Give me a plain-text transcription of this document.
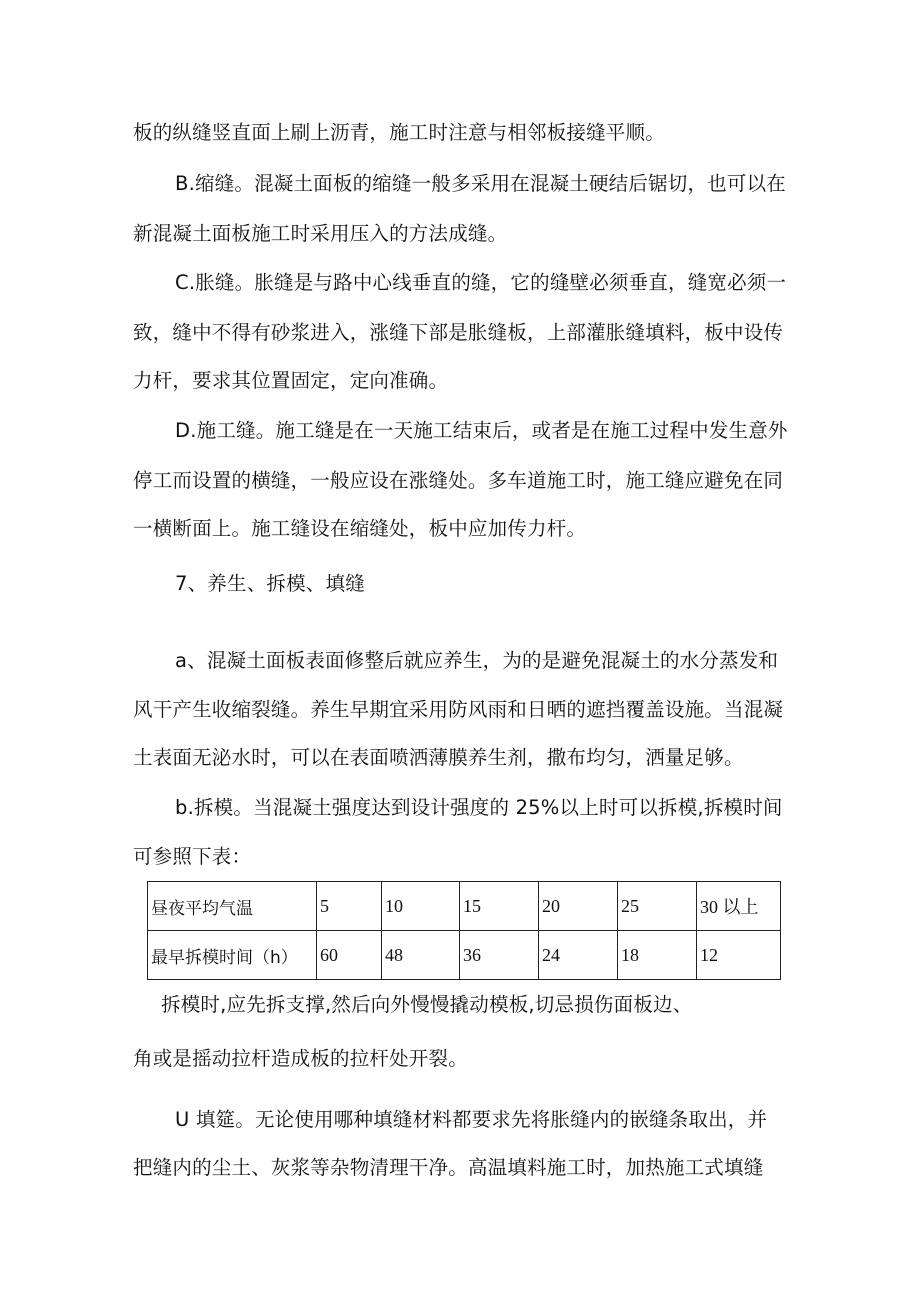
板的纵缝竖直面上刷上沥青，施工时注意与相邻板接缝平顺。
B.缩缝。混凝土面板的缩缝一般多采用在混凝土硬结后锯切，也可以在
新混凝土面板施工时采用压入的方法成缝。
C.胀缝。胀缝是与路中心线垂直的缝，它的缝壁必须垂直，缝宽必须一
致，缝中不得有砂浆进入，涨缝下部是胀缝板，上部灌胀缝填料，板中设传
力杆，要求其位置固定，定向准确。
D.施工缝。施工缝是在一天施工结束后，或者是在施工过程中发生意外
停工而设置的横缝，一般应设在涨缝处。多车道施工时，施工缝应避免在同
一横断面上。施工缝设在缩缝处，板中应加传力杆。
7、养生、拆模、填缝
a、混凝土面板表面修整后就应养生，为的是避免混凝土的水分蒸发和
风干产生收缩裂缝。养生早期宜采用防风雨和日晒的遮挡覆盖设施。当混凝
土表面无泌水时，可以在表面喷洒薄膜养生剂，撒布均匀，洒量足够。
b.拆模。当混凝土强度达到设计强度的 25%以上时可以拆模,拆模时间
可参照下表：
昼夜平均气温	5	10	15	20	25	30 以上
最早拆模时间（h）	60	48	36	24	18	12
拆模时,应先拆支撑,然后向外慢慢撬动模板,切忌损伤面板边、
角或是摇动拉杆造成板的拉杆处开裂。
U 填筵。无论使用哪种填缝材料都要求先将胀缝内的嵌缝条取出，并
把缝内的尘土、灰浆等杂物清理干净。高温填料施工时，加热施工式填缝
